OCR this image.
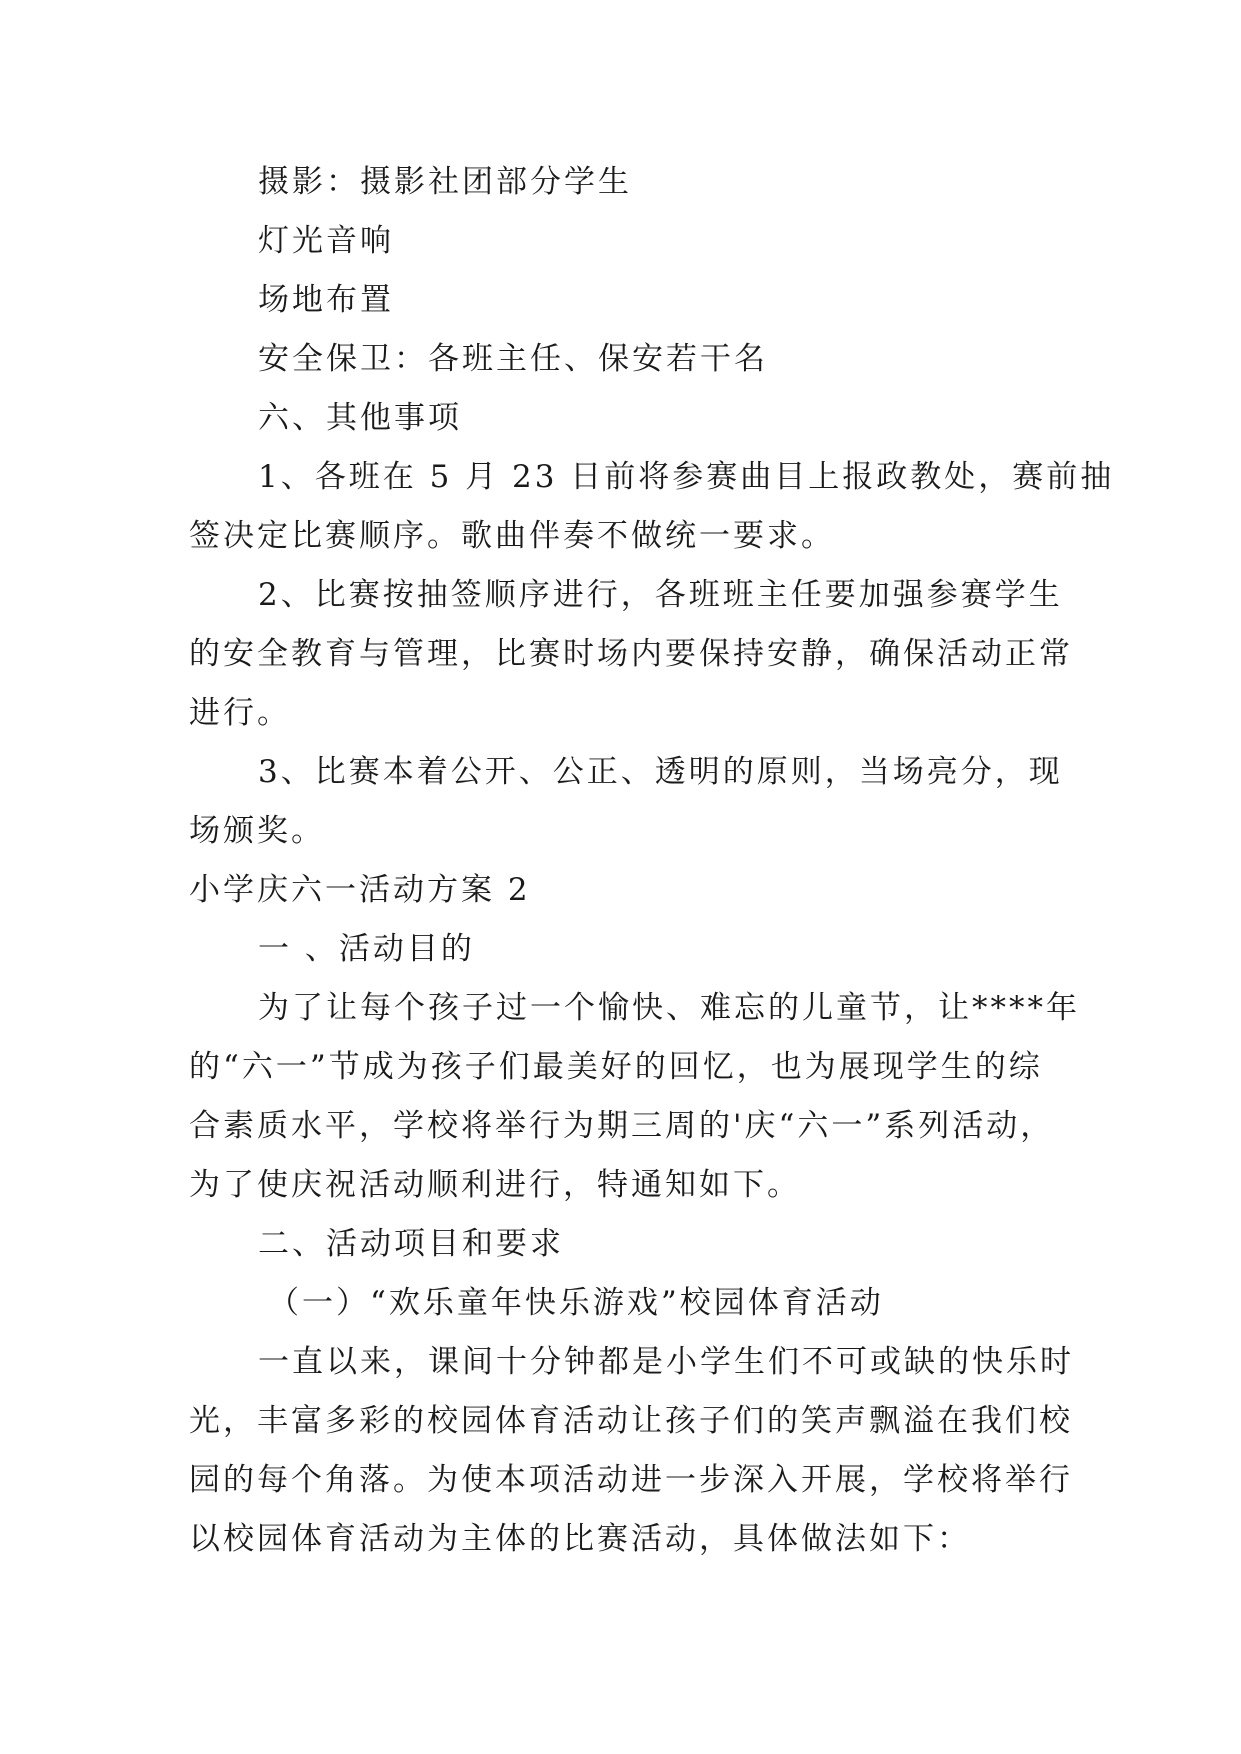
摄影：摄影社团部分学生

灯光音响

场地布置

安全保卫：各班主任、保安若干名

六、其他事项

1、各班在 5 月 23 日前将参赛曲目上报政教处，赛前抽

签决定比赛顺序。歌曲伴奏不做统一要求。

2、比赛按抽签顺序进行，各班班主任要加强参赛学生

的安全教育与管理，比赛时场内要保持安静，确保活动正常

进行。

3、比赛本着公开、公正、透明的原则，当场亮分，现

场颁奖。

小学庆六一活动方案 2

一 、活动目的

为了让每个孩子过一个愉快、难忘的儿童节，让****年

的“六一”节成为孩子们最美好的回忆，也为展现学生的综

合素质水平，学校将举行为期三周的'庆“六一”系列活动，

为了使庆祝活动顺利进行，特通知如下。

二、活动项目和要求

（一）“欢乐童年快乐游戏”校园体育活动

一直以来，课间十分钟都是小学生们不可或缺的快乐时

光，丰富多彩的校园体育活动让孩子们的笑声飘溢在我们校

园的每个角落。为使本项活动进一步深入开展，学校将举行

以校园体育活动为主体的比赛活动，具体做法如下：
